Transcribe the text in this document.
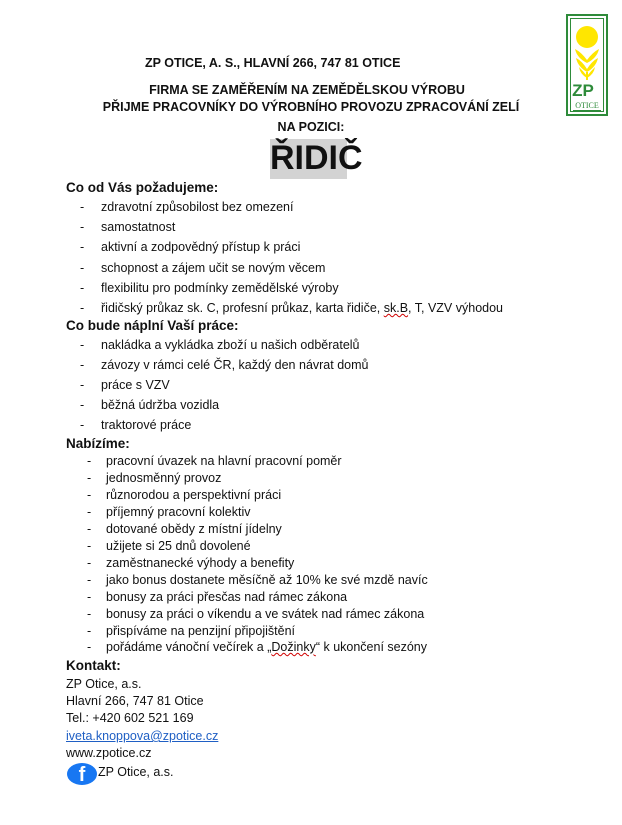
ZP
OTICE
ZP OTICE, A. S., HLAVNÍ 266, 747 81 OTICE
FIRMA SE ZAMĚŘENÍM NA ZEMĚDĚLSKOU VÝROBU
PŘIJME PRACOVNÍKY DO VÝROBNÍHO PROVOZU ZPRACOVÁNÍ ZELÍ
NA POZICI:
ŘIDIČ
Co od Vás požadujeme:
- zdravotní způsobilost bez omezení
- samostatnost
- aktivní a zodpovědný přístup k práci
- schopnost a zájem učit se novým věcem
- flexibilitu pro podmínky zemědělské výroby
- řidičský průkaz sk. C, profesní průkaz, karta řidiče, sk.B, T, VZV výhodou
Co bude náplní Vaší práce:
- nakládka a vykládka zboží u našich odběratelů
- závozy v rámci celé ČR, každý den návrat domů
- práce s VZV
- běžná údržba vozidla
- traktorové práce
Nabízíme:
- pracovní úvazek na hlavní pracovní poměr
- jednosměnný provoz
- různorodou a perspektivní práci
- příjemný pracovní kolektiv
- dotované obědy z místní jídelny
- užijete si 25 dnů dovolené
- zaměstnanecké výhody a benefity
- jako bonus dostanete měsíčně až 10% ke své mzdě navíc
- bonusy za práci přesčas nad rámec zákona
- bonusy za práci o víkendu a ve svátek nad rámec zákona
- přispíváme na penzijní připojištění
- pořádáme vánoční večírek a „Dožinky“ k ukončení sezóny
Kontakt:
ZP Otice, a.s.
Hlavní 266, 747 81 Otice
Tel.: +420 602 521 169
iveta.knoppova@zpotice.cz
www.zpotice.cz
f	ZP Otice, a.s.
